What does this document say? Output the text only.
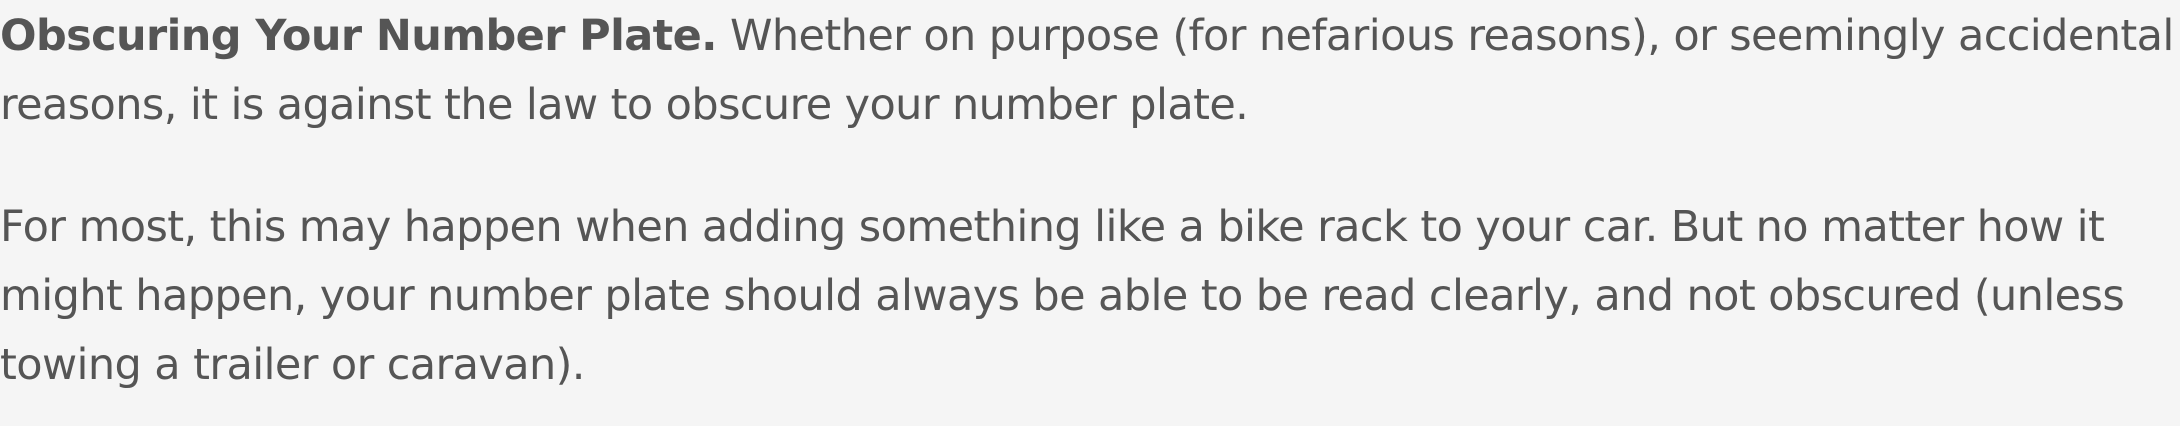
Obscuring Your Number Plate. Whether on purpose (for nefarious reasons), or seemingly accidental
reasons, it is against the law to obscure your number plate.

For most, this may happen when adding something like a bike rack to your car. But no matter how it
might happen, your number plate should always be able to be read clearly, and not obscured (unless
towing a trailer or caravan).
